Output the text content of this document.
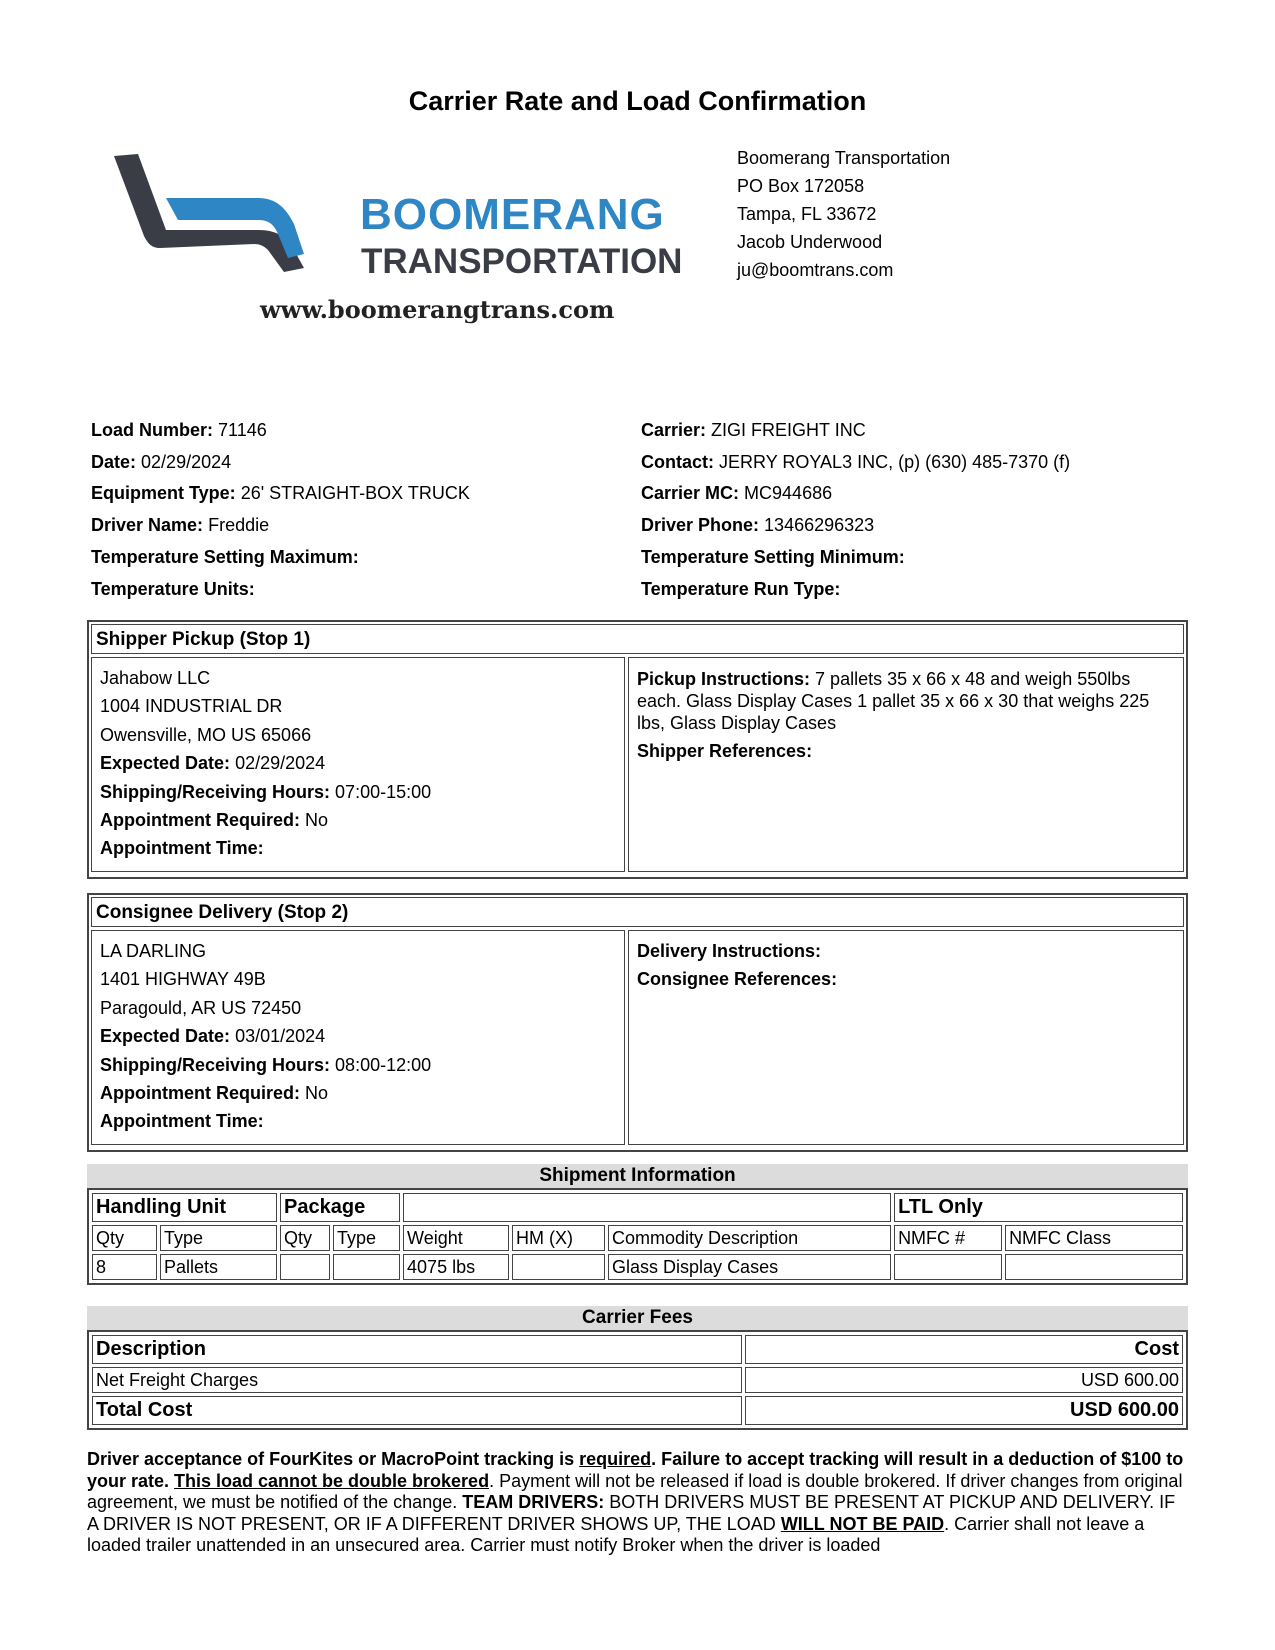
Carrier Rate and Load Confirmation
BOOMERANG
TRANSPORTATION
www.boomerangtrans.com
Boomerang Transportation
PO Box 172058
Tampa, FL 33672
Jacob Underwood
ju@boomtrans.com
Load Number: 71146
Date: 02/29/2024
Equipment Type: 26' STRAIGHT-BOX TRUCK
Driver Name: Freddie
Temperature Setting Maximum:
Temperature Units:
Carrier: ZIGI FREIGHT INC
Contact: JERRY ROYAL3 INC, (p) (630) 485-7370 (f)
Carrier MC: MC944686
Driver Phone: 13466296323
Temperature Setting Minimum:
Temperature Run Type:
Shipper Pickup (Stop 1)
Jahabow LLC
1004 INDUSTRIAL DR
Owensville, MO US 65066
Expected Date: 02/29/2024
Shipping/Receiving Hours: 07:00-15:00
Appointment Required: No
Appointment Time:
Pickup Instructions: 7 pallets 35 x 66 x 48 and weigh 550lbs each. Glass Display Cases 1 pallet 35 x 66 x 30 that weighs 225 lbs, Glass Display Cases
Shipper References:
Consignee Delivery (Stop 2)
LA DARLING
1401 HIGHWAY 49B
Paragould, AR US 72450
Expected Date: 03/01/2024
Shipping/Receiving Hours: 08:00-12:00
Appointment Required: No
Appointment Time:
Delivery Instructions:
Consignee References:
Shipment Information
Handling Unit		Package					LTL Only	
Qty	Type	Qty	Type	Weight	HM (X)	Commodity Description	NMFC #	NMFC Class
8	Pallets			4075 lbs		Glass Display Cases		
Carrier Fees
Description	Cost
Net Freight Charges	USD 600.00
Total Cost	USD 600.00
Driver acceptance of FourKites or MacroPoint tracking is required. Failure to accept tracking will result in a deduction of $100 to your rate. This load cannot be double brokered. Payment will not be released if load is double brokered. If driver changes from original agreement, we must be notified of the change. TEAM DRIVERS: BOTH DRIVERS MUST BE PRESENT AT PICKUP AND DELIVERY. IF A DRIVER IS NOT PRESENT, OR IF A DIFFERENT DRIVER SHOWS UP, THE LOAD WILL NOT BE PAID. Carrier shall not leave a loaded trailer unattended in an unsecured area. Carrier must notify Broker when the driver is loaded
